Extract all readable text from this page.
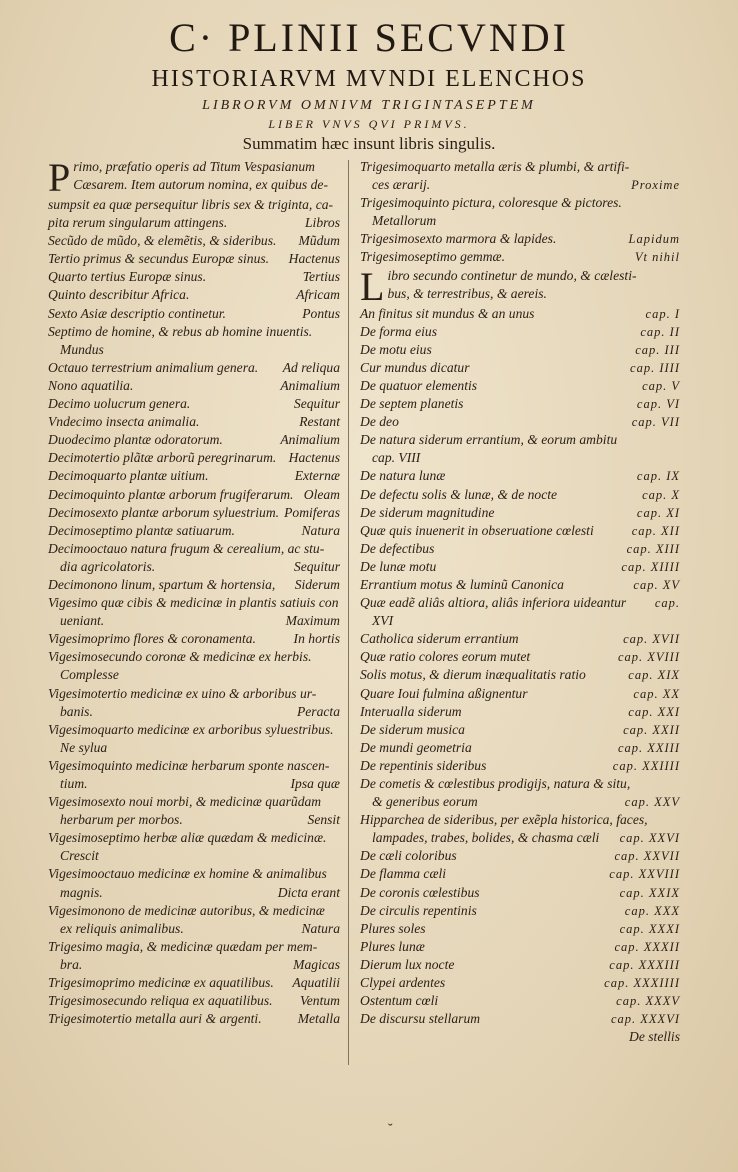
C· PLINII SECVNDI
HISTORIARVM MVNDI ELENCHOS
LIBRORVM OMNIVM TRIGINTASEPTEM
LIBER VNVS QVI PRIMVS.
Summatim hæc insunt libris singulis.
P rimo, præfatio operis ad Titum Vespasianum
Cæsarem. Item autorum nomina, ex quibus de-
sumpsit ea quæ persequitur libris sex & triginta, ca-
pita rerum singularum attingens.	Libros
Secũdo de mũdo, & elemẽtis, & sideribus.	Mũdum
Tertio primus & secundus Europæ sinus.	Hactenus
Quarto tertius Europæ sinus.	Tertius
Quinto describitur Africa.	Africam
Sexto Asiæ descriptio continetur.	Pontus
Septimo de homine, & rebus ab homine inuentis.
Mundus
Octauo terrestrium animalium genera.	Ad reliqua
Nono aquatilia.	Animalium
Decimo uolucrum genera.	Sequitur
Vndecimo insecta animalia.	Restant
Duodecimo plantæ odoratorum.	Animalium
Decimotertio plãtæ arborũ peregrinarum. Hactenus
Decimoquarto plantæ uitium.	Externæ
Decimoquinto plantæ arborum frugiferarum. Oleam
Decimosexto plantæ arborum syluestrium. Pomiferas
Decimoseptimo plantæ satiuarum.	Natura
Decimooctauo natura frugum & cerealium, ac stu-
dia agricolatoris.	Sequitur
Decimonono linum, spartum & hortensia,	Siderum
Vigesimo quæ cibis & medicinæ in plantis satiuis con
ueniant.	Maximum
Vigesimoprimo flores & coronamenta.	In hortis
Vigesimosecundo coronæ & medicinæ ex herbis.
Complesse
Vigesimotertio medicinæ ex uino & arboribus ur-
banis.	Peracta
Vigesimoquarto medicinæ ex arboribus syluestribus.
Ne sylua
Vigesimoquinto medicinæ herbarum sponte nascen-
tium.	Ipsa quæ
Vigesimosexto noui morbi, & medicinæ quarũdam
herbarum per morbos.	Sensit
Vigesimoseptimo herbæ aliæ quædam & medicinæ.
Crescit
Vigesimooctauo medicinæ ex homine & animalibus
magnis.	Dicta erant
Vigesimonono de medicinæ autoribus, & medicinæ
ex reliquis animalibus.	Natura
Trigesimo magia, & medicinæ quædam per mem-
bra.	Magicas
Trigesimoprimo medicinæ ex aquatilibus.	Aquatilii
Trigesimosecundo reliqua ex aquatilibus.	Ventum
Trigesimotertio metalla auri & argenti.	Metalla
Trigesimoquarto metalla æris & plumbi, & artifi-
ces ærarij.	Proxime
Trigesimoquinto pictura, coloresque & pictores.
Metallorum
Trigesimosexto marmora & lapides.	Lapidum
Trigesimoseptimo gemmæ.	Vt nihil
L ibro secundo continetur de mundo, & cælesti-
bus, & terrestribus, & aereis.
An finitus sit mundus & an unus	cap. I
De forma eius	cap. II
De motu eius	cap. III
Cur mundus dicatur	cap. IIII
De quatuor elementis	cap. V
De septem planetis	cap. VI
De deo	cap. VII
De natura siderum errantium, & eorum ambitu
cap. VIII
De natura lunæ	cap. IX
De defectu solis & lunæ, & de nocte	cap. X
De siderum magnitudine	cap. XI
Quæ quis inuenerit in obseruatione cœlesti	cap. XII
De defectibus	cap. XIII
De lunæ motu	cap. XIIII
Errantium motus & luminũ Canonica	cap. XV
Quæ eadẽ aliâs altiora, aliâs inferiora uideantur	cap.
XVI
Catholica siderum errantium	cap. XVII
Quæ ratio colores eorum mutet	cap. XVIII
Solis motus, & dierum inæqualitatis ratio	cap. XIX
Quare Ioui fulmina aßignentur	cap. XX
Interualla siderum	cap. XXI
De siderum musica	cap. XXII
De mundi geometria	cap. XXIII
De repentinis sideribus	cap. XXIIII
De cometis & cœlestibus prodigijs, natura & situ,
& generibus eorum	cap. XXV
Hipparchea de sideribus, per exẽpla historica, faces,
lampades, trabes, bolides, & chasma cæli	cap. XXVI
De cæli coloribus	cap. XXVII
De flamma cæli	cap. XXVIII
De coronis cœlestibus	cap. XXIX
De circulis repentinis	cap. XXX
Plures soles	cap. XXXI
Plures lunæ	cap. XXXII
Dierum lux nocte	cap. XXXIII
Clypei ardentes	cap. XXXIIII
Ostentum cœli	cap. XXXV
De discursu stellarum	cap. XXXVI
De stellis
˘
